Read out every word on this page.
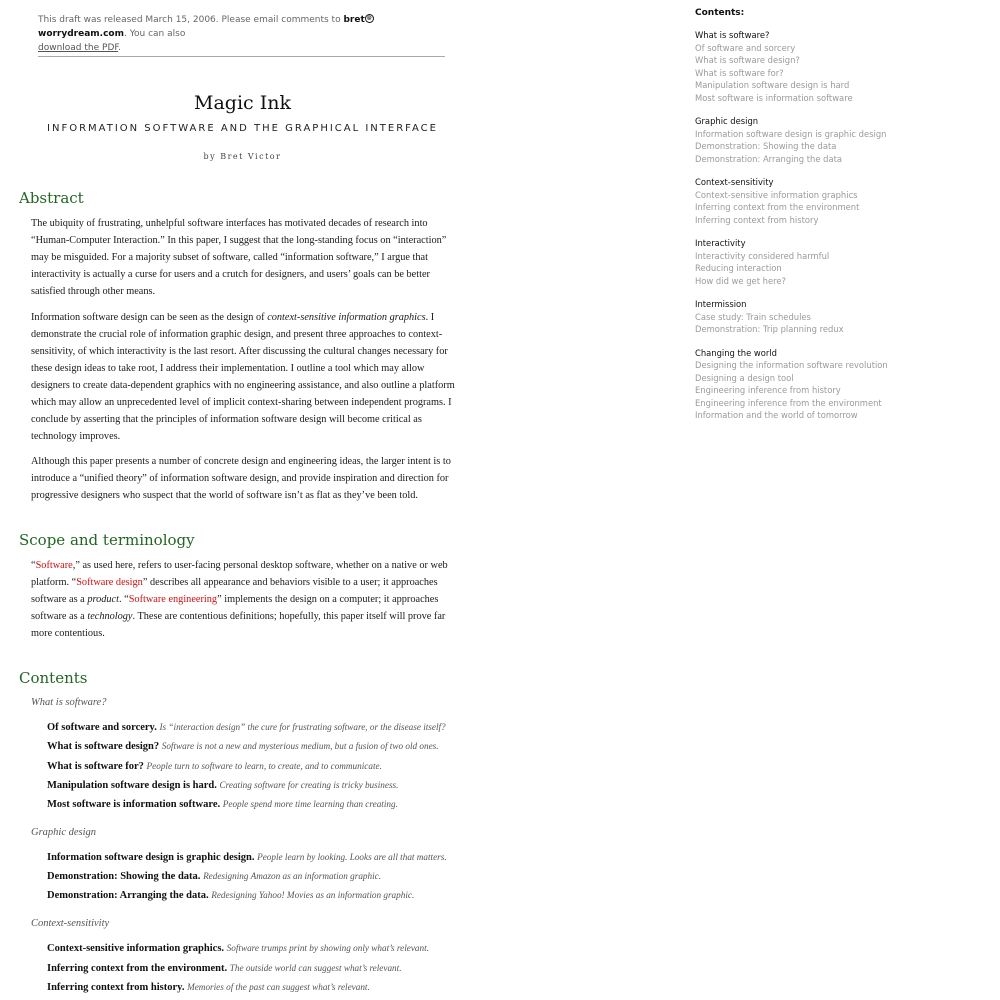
This draft was released March 15, 2006. Please email comments to bret @worrydream.com. You can also
download the PDF.
Magic Ink
INFORMATION SOFTWARE AND THE GRAPHICAL INTERFACE
by Bret Victor
Abstract

The ubiquity of frustrating, unhelpful software interfaces has motivated decades of research into “Human-Computer Interaction.” In this paper, I suggest that the long-standing focus on “interaction” may be misguided. For a majority subset of software, called “information software,” I argue that interactivity is actually a curse for users and a crutch for designers, and users’ goals can be better satisfied through other means.

Information software design can be seen as the design of context-sensitive information graphics. I demonstrate the crucial role of information graphic design, and present three approaches to context-sensitivity, of which interactivity is the last resort. After discussing the cultural changes necessary for these design ideas to take root, I address their implementation. I outline a tool which may allow designers to create data-dependent graphics with no engineering assistance, and also outline a platform which may allow an unprecedented level of implicit context-sharing between independent programs. I conclude by asserting that the principles of information software design will become critical as technology improves.

Although this paper presents a number of concrete design and engineering ideas, the larger intent is to introduce a “unified theory” of information software design, and provide inspiration and direction for progressive designers who suspect that the world of software isn’t as flat as they’ve been told.

Scope and terminology

“Software,” as used here, refers to user-facing personal desktop software, whether on a native or web platform. “Software design” describes all appearance and behaviors visible to a user; it approaches software as a product. “Software engineering” implements the design on a computer; it approaches software as a technology. These are contentious definitions; hopefully, this paper itself will prove far more contentious.

Contents
What is software?
Of software and sorcery. Is “interaction design” the cure for frustrating software, or the disease itself?
What is software design? Software is not a new and mysterious medium, but a fusion of two old ones.
What is software for? People turn to software to learn, to create, and to communicate.
Manipulation software design is hard. Creating software for creating is tricky business.
Most software is information software. People spend more time learning than creating.
Graphic design
Information software design is graphic design. People learn by looking. Looks are all that matters.
Demonstration: Showing the data. Redesigning Amazon as an information graphic.
Demonstration: Arranging the data. Redesigning Yahoo! Movies as an information graphic.
Context-sensitivity
Context-sensitive information graphics. Software trumps print by showing only what’s relevant.
Inferring context from the environment. The outside world can suggest what’s relevant.
Inferring context from history. Memories of the past can suggest what’s relevant.
Contents:
What is software?
Of software and sorcery
What is software design?
What is software for?
Manipulation software design is hard
Most software is information software
Graphic design
Information software design is graphic design
Demonstration: Showing the data
Demonstration: Arranging the data
Context-sensitivity
Context-sensitive information graphics
Inferring context from the environment
Inferring context from history
Interactivity
Interactivity considered harmful
Reducing interaction
How did we get here?
Intermission
Case study: Train schedules
Demonstration: Trip planning redux
Changing the world
Designing the information software revolution
Designing a design tool
Engineering inference from history
Engineering inference from the environment
Information and the world of tomorrow
